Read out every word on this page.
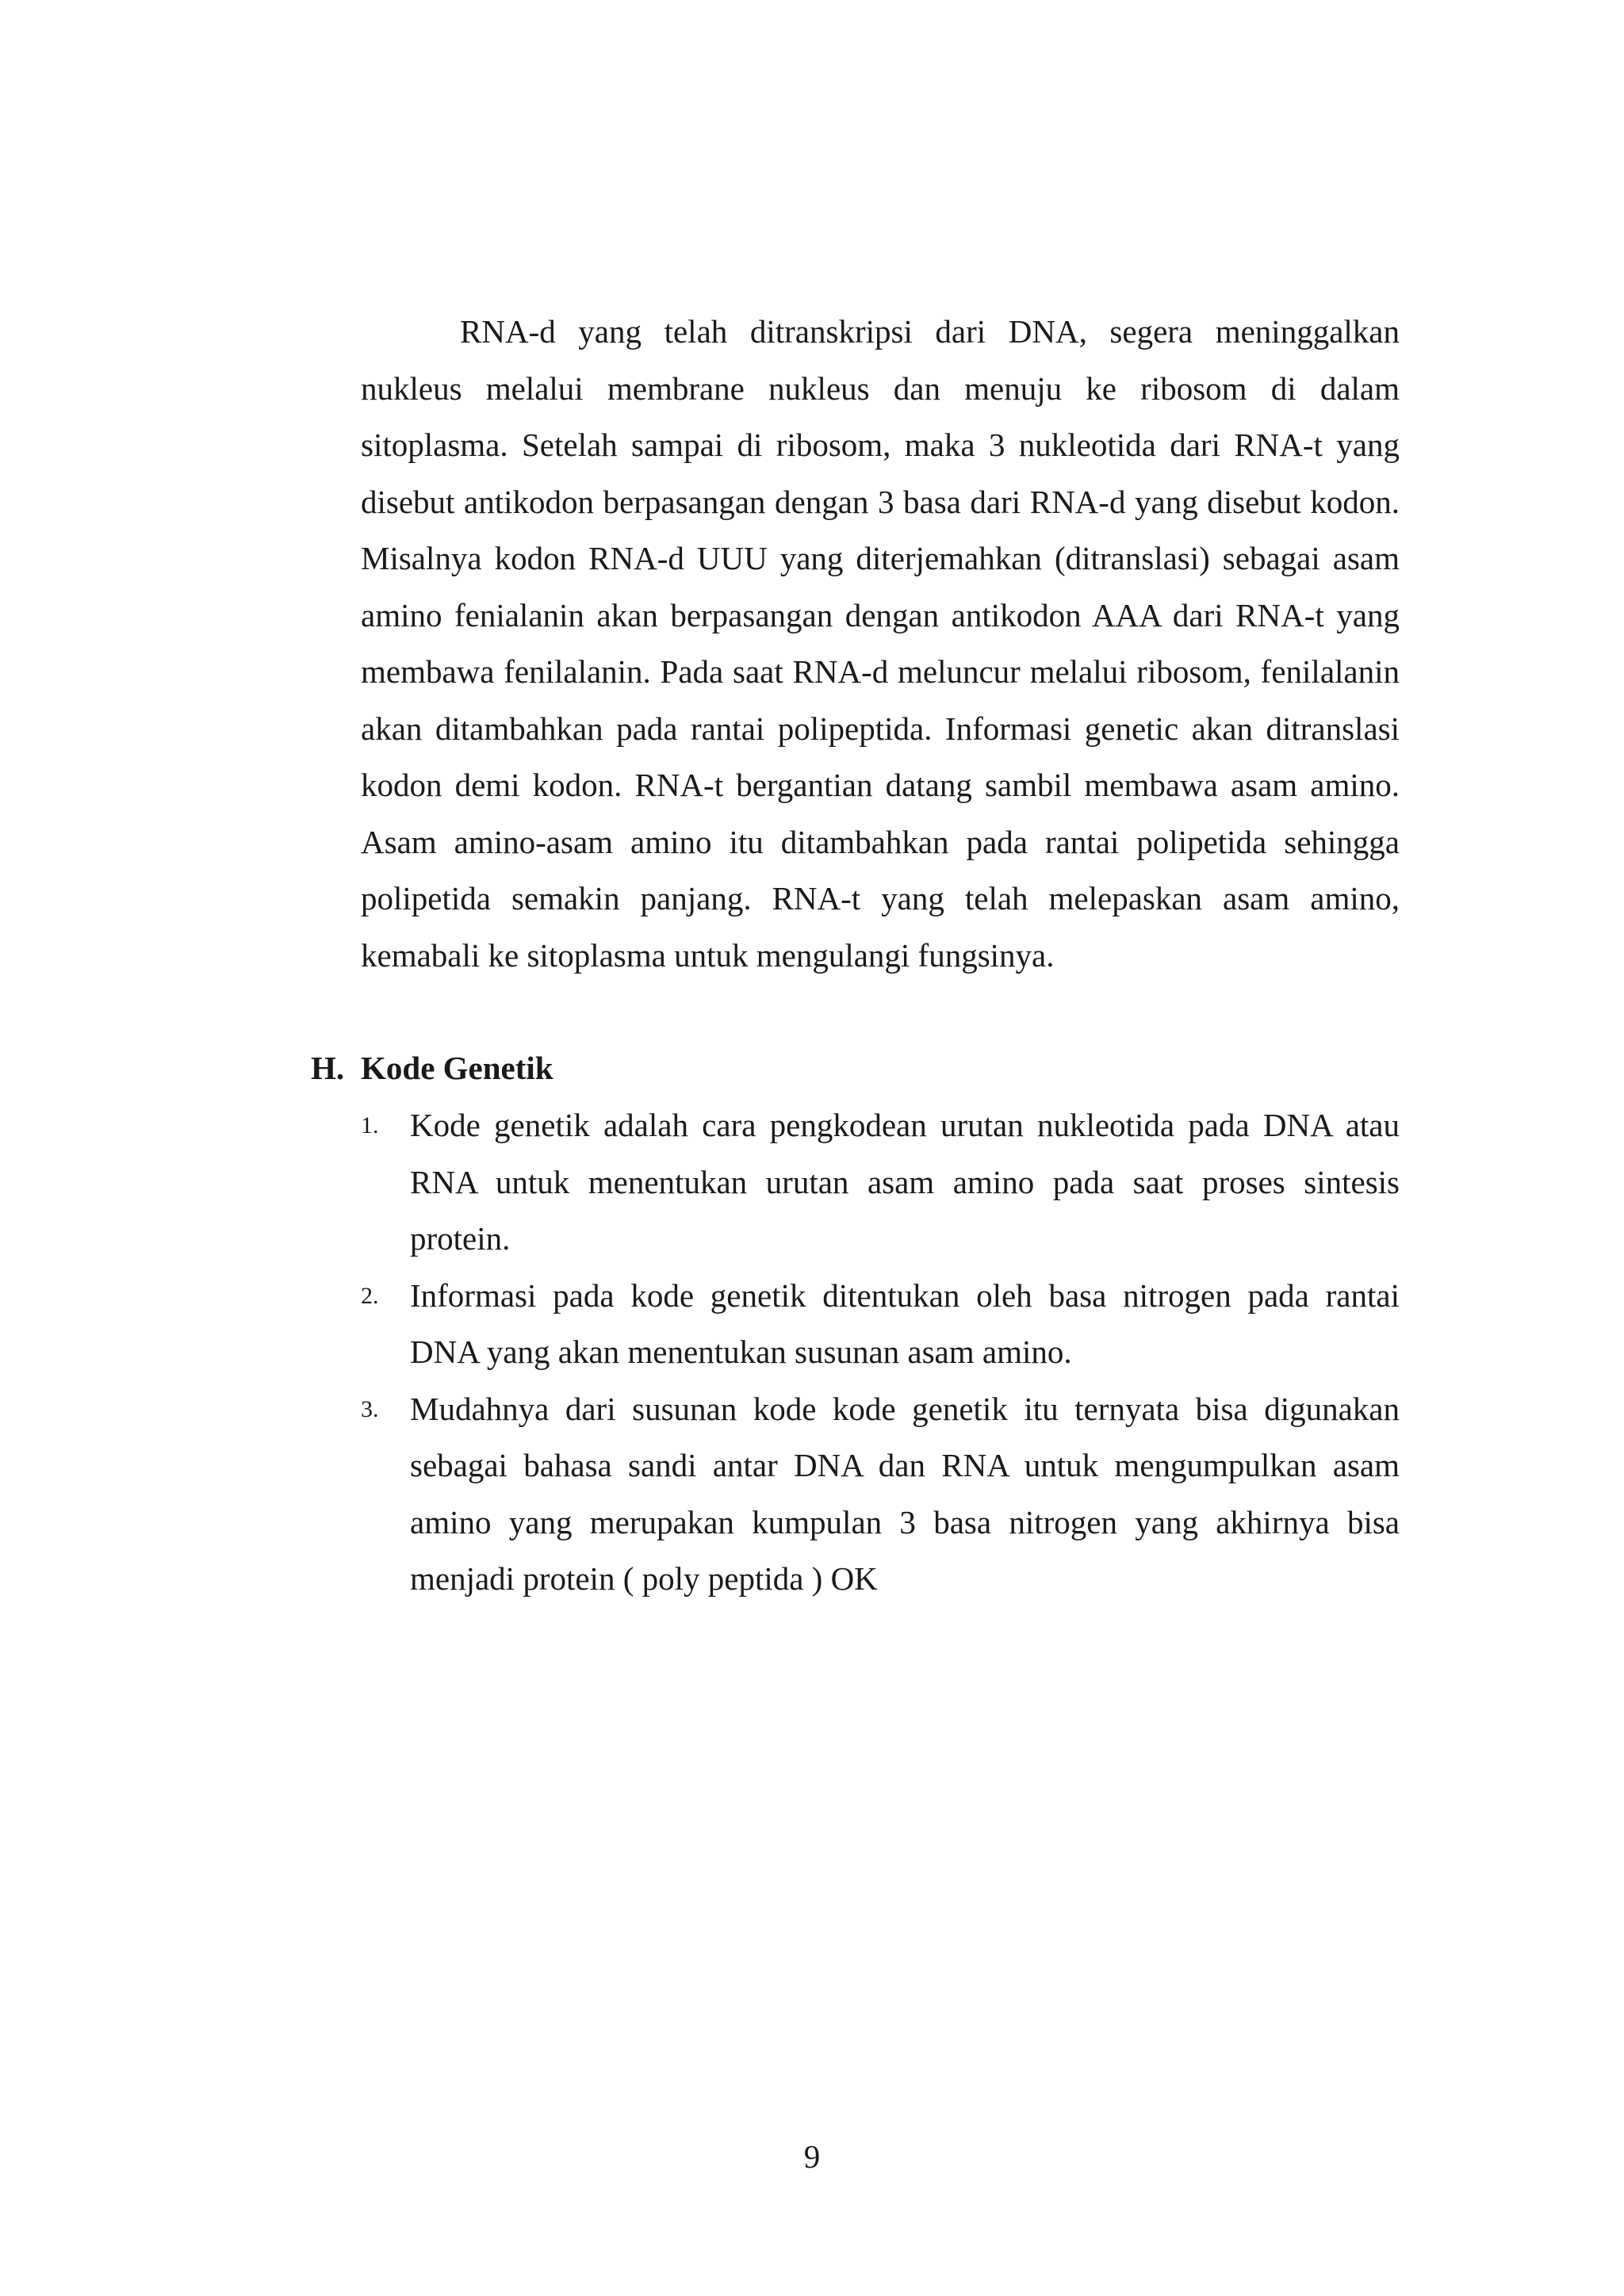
RNA-d yang telah ditranskripsi dari DNA, segera meninggalkan nukleus melalui membrane nukleus dan menuju ke ribosom di dalam sitoplasma. Setelah sampai di ribosom, maka 3 nukleotida dari RNA-t yang disebut antikodon berpasangan dengan 3 basa dari RNA-d yang disebut kodon. Misalnya kodon RNA-d UUU yang diterjemahkan (ditranslasi) sebagai asam amino fenialanin akan berpasangan dengan antikodon AAA dari RNA-t yang membawa fenilalanin. Pada saat RNA-d meluncur melalui ribosom, fenilalanin akan ditambahkan pada rantai polipeptida. Informasi genetic akan ditranslasi kodon demi kodon. RNA-t bergantian datang sambil membawa asam amino. Asam amino-asam amino itu ditambahkan pada rantai polipetida sehingga polipetida semakin panjang. RNA-t yang telah melepaskan asam amino, kemabali ke sitoplasma untuk mengulangi fungsinya.

H. Kode Genetik
1. Kode genetik adalah cara pengkodean urutan nukleotida pada DNA atau RNA untuk menentukan urutan asam amino pada saat proses sintesis protein.
2. Informasi pada kode genetik ditentukan oleh basa nitrogen pada rantai DNA yang akan menentukan susunan asam amino.
3. Mudahnya dari susunan kode kode genetik itu ternyata bisa digunakan sebagai bahasa sandi antar DNA dan RNA untuk mengumpulkan asam amino yang merupakan kumpulan 3 basa nitrogen yang akhirnya bisa menjadi protein ( poly peptida ) OK
9
